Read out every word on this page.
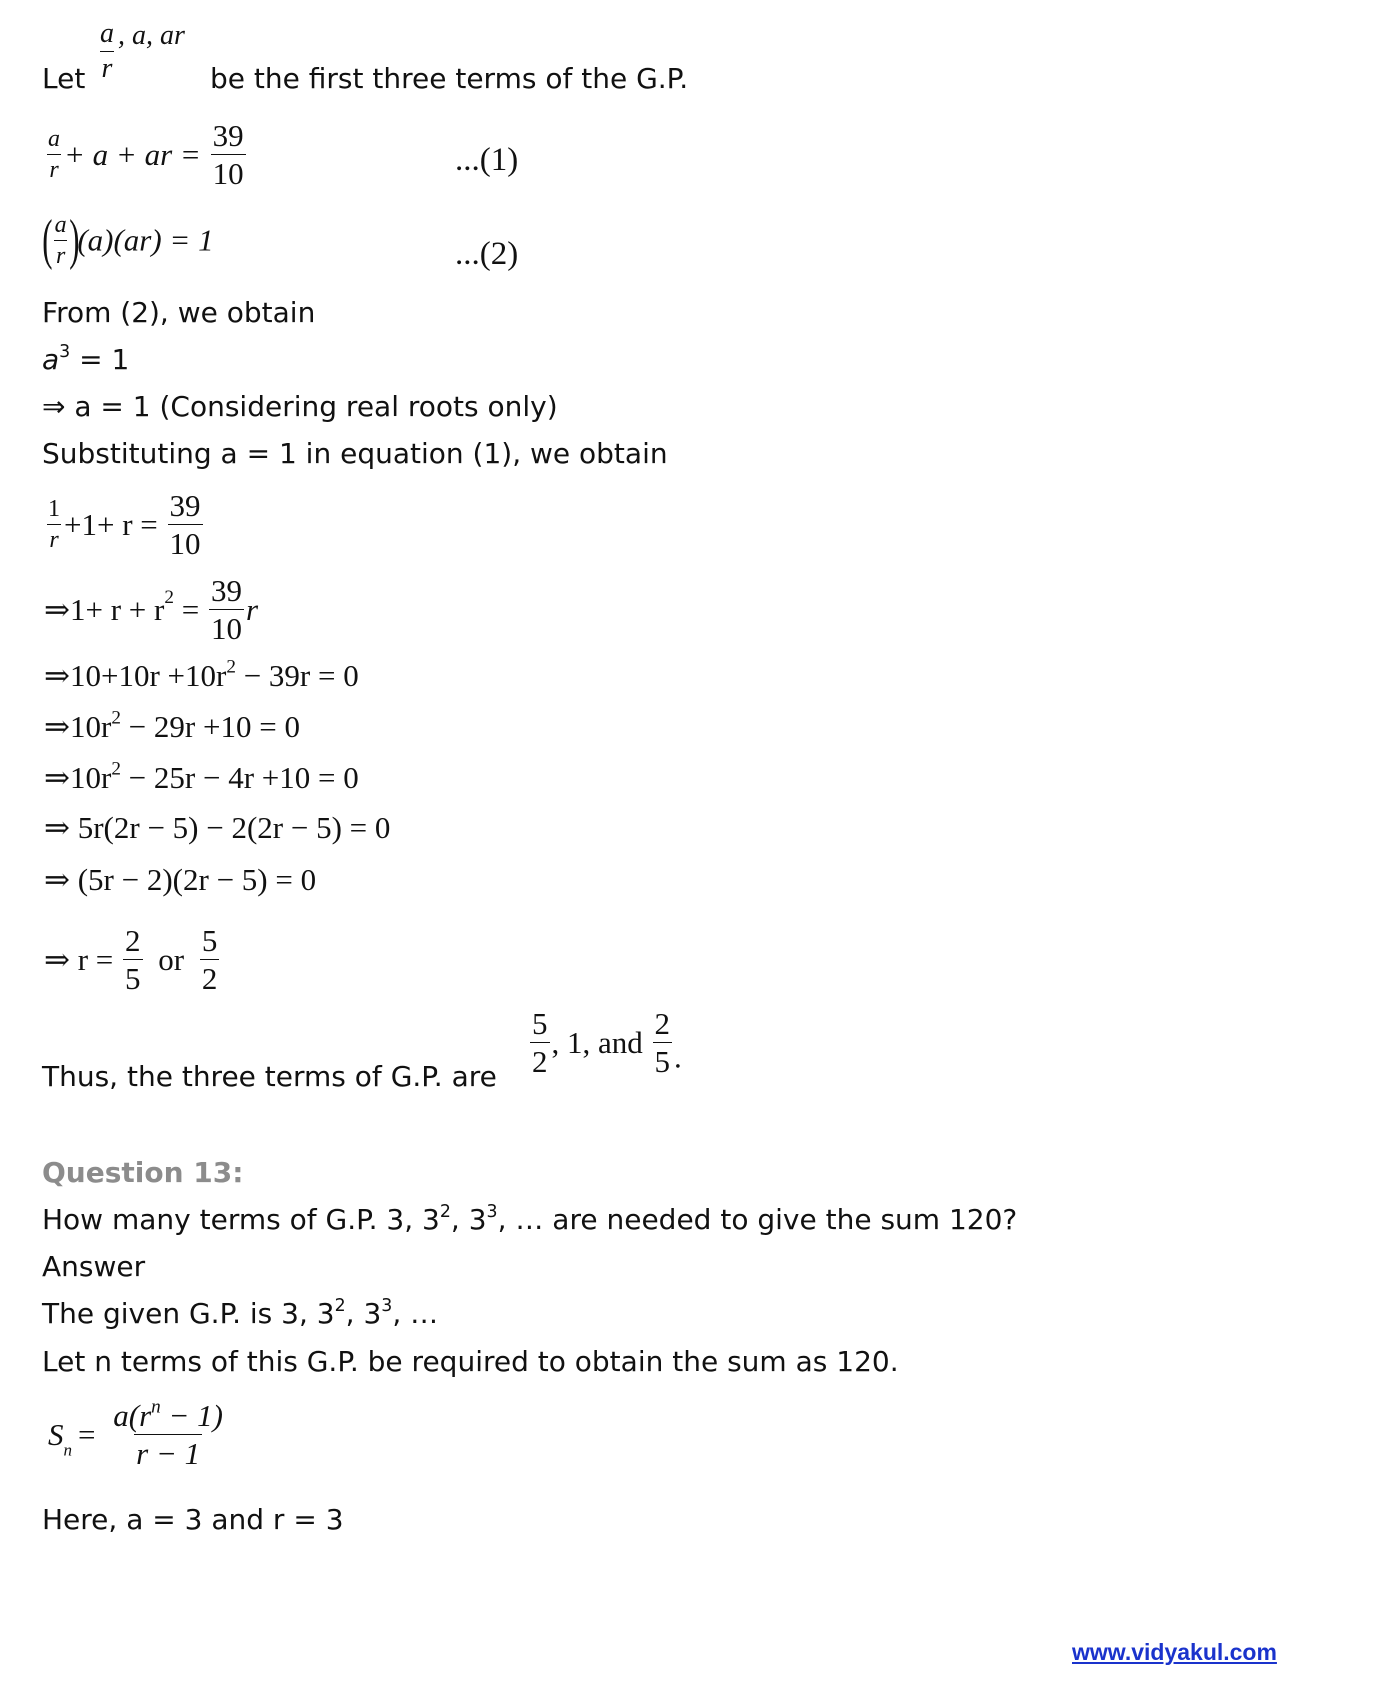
Let $\frac{a}{r}$ , a, ar
be the first three terms of the G.P.
$\frac{a}{r} + a$ + ar = $\frac{39}{10}$	...(1)
( $\frac{a}{r} )(a)(ar) = 1$	...(2)
From (2), we obtain
$a^3 = 1$
⇒ a = 1 (Considering real roots only)
Substituting a = 1 in equation (1), we obtain
$\frac{1}{r} +1+ r = \frac{39}{10}$
⇒1+ $r + r^2 = \frac{39}{10}$ r
⇒10+10r $+10r^2 - 39r = 0$
$\Rightarrow 10r^2 - 29r +10 = 0$
$\Rightarrow 10r^2 - 25r - 4r +10 = 0$
⇒ 5r(2r − 5) − 2(2r − 5) = 0
⇒ (5r − 2)(2r − 5) = 0
⇒ $r = \frac{2}{5}$ or $\frac{5}{2}$
Thus, the three terms of G.P. are $\frac{5}{2}$ , 1, and $\frac{2}{5}$ .
Question 13:
How many terms of G.P. 3, $3^2$, $3^3$, … are needed to give the sum 120?
Answer
The given G.P. is 3, $3^2$, $3^3$, …
Let n terms of this G.P. be required to obtain the sum as 120.
$S_n = \frac{a(r^n - 1)}{r - 1}$
Here, a = 3 and r = 3
www.vidyakul.com
